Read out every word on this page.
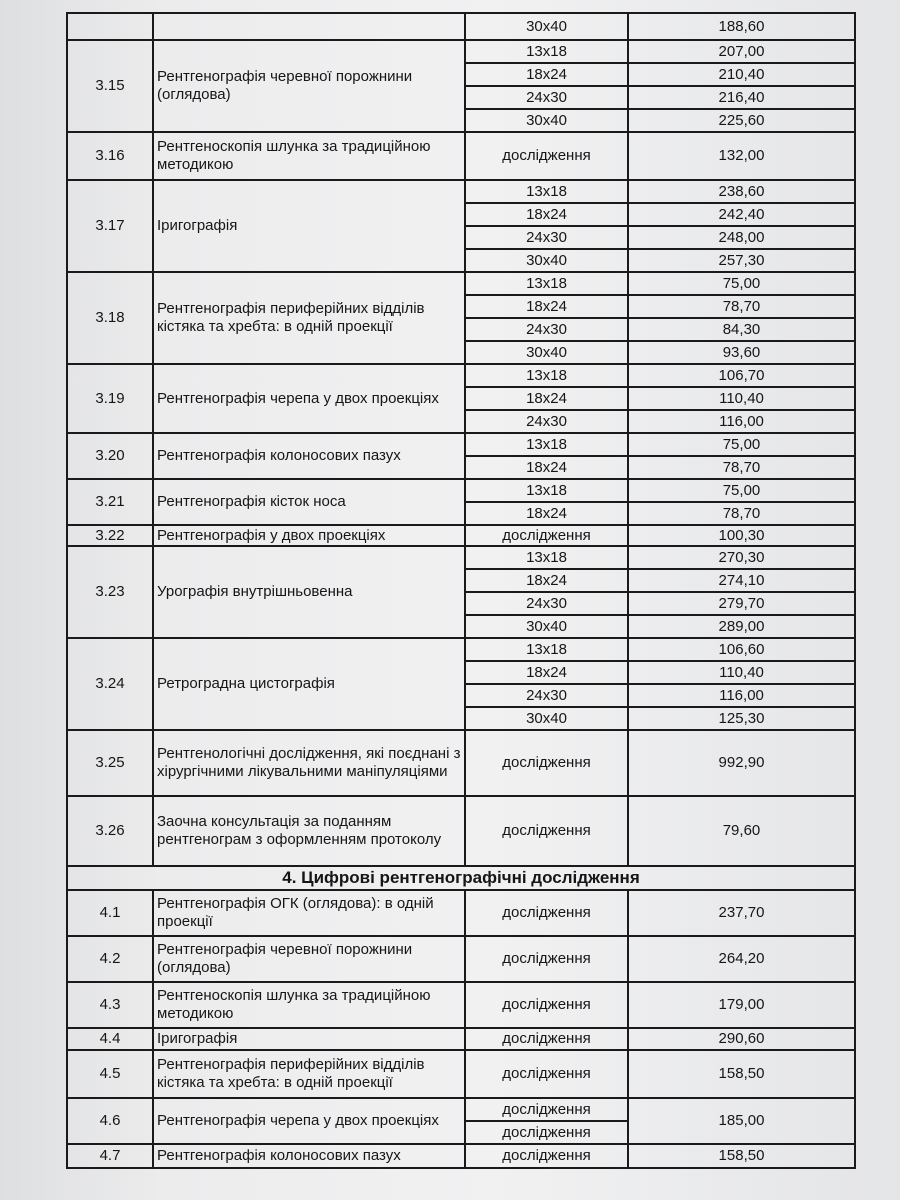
		30x40	188,60
3.15	Рентгенографія черевної порожнини (оглядова)	13x18	207,00
		18x24	210,40
		24x30	216,40
		30x40	225,60
3.16	Рентгеноскопія шлунка за традиційною методикою	дослідження	132,00
3.17	Іригографія	13x18	238,60
		18x24	242,40
		24x30	248,00
		30x40	257,30
3.18	Рентгенографія периферійних відділів кістяка та хребта: в одній проекції	13x18	75,00
		18x24	78,70
		24x30	84,30
		30x40	93,60
3.19	Рентгенографія черепа у двох проекціях	13x18	106,70
		18x24	110,40
		24x30	116,00
3.20	Рентгенографія колоносових пазух	13x18	75,00
		18x24	78,70
3.21	Рентгенографія кісток носа	13x18	75,00
		18x24	78,70
3.22	Рентгенографія у двох проекціях	дослідження	100,30
3.23	Урографія внутрішньовенна	13x18	270,30
		18x24	274,10
		24x30	279,70
		30x40	289,00
3.24	Ретроградна цистографія	13x18	106,60
		18x24	110,40
		24x30	116,00
		30x40	125,30
3.25	Рентгенологічні дослідження, які поєднані з хірургічними лікувальними маніпуляціями	дослідження	992,90
3.26	Заочна консультація за поданням рентгенограм з оформленням протоколу	дослідження	79,60
4. Цифрові рентгенографічні дослідження			
4.1	Рентгенографія ОГК (оглядова): в одній проекції	дослідження	237,70
4.2	Рентгенографія черевної порожнини (оглядова)	дослідження	264,20
4.3	Рентгеноскопія шлунка за традиційною методикою	дослідження	179,00
4.4	Іригографія	дослідження	290,60
4.5	Рентгенографія периферійних відділів кістяка та хребта: в одній проекції	дослідження	158,50
4.6	Рентгенографія черепа у двох проекціях	дослідження	185,00
		дослідження	
4.7	Рентгенографія колоносових пазух	дослідження	158,50
